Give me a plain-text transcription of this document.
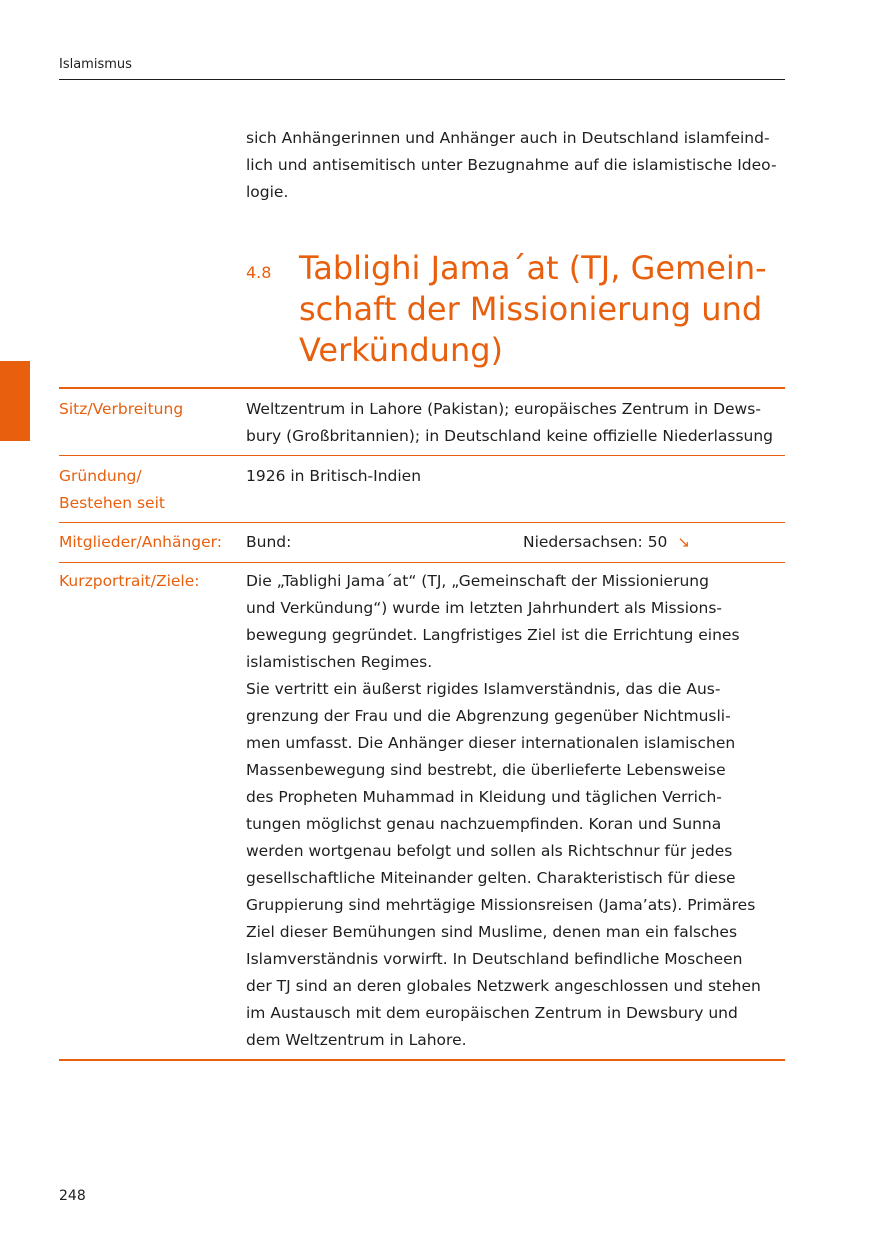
Islamismus
sich Anhängerinnen und Anhänger auch in Deutschland islamfeind-
lich und antisemitisch unter Bezugnahme auf die islamistische Ideo-
logie.
4.8 Tablighi Jama´at (TJ, Gemein-
schaft der Missionierung und
Verkündung)
Sitz/Verbreitung	Weltzentrum in Lahore (Pakistan); europäisches Zentrum in Dews-
bury (Großbritannien); in Deutschland keine offizielle Niederlassung
Gründung/
Bestehen seit
1926 in Britisch-Indien
Mitglieder/Anhänger: Bund:	Niedersachsen: 50 ↘
Kurzportrait/Ziele:	Die „Tablighi Jama´at“ (TJ, „Gemeinschaft der Missionierung
und Verkündung“) wurde im letzten Jahrhundert als Missions-
bewegung gegründet. Langfristiges Ziel ist die Errichtung eines
islamistischen Regimes.
Sie vertritt ein äußerst rigides Islamverständnis, das die Aus-
grenzung der Frau und die Abgrenzung gegenüber Nichtmusli-
men umfasst. Die Anhänger dieser internationalen islamischen
Massenbewegung sind bestrebt, die überlieferte Lebensweise
des Propheten Muhammad in Kleidung und täglichen Verrich-
tungen möglichst genau nachzuempfinden. Koran und Sunna
werden wortgenau befolgt und sollen als Richtschnur für jedes
gesellschaftliche Miteinander gelten. Charakteristisch für diese
Gruppierung sind mehrtägige Missionsreisen (Jama’ats). Primäres
Ziel dieser Bemühungen sind Muslime, denen man ein falsches
Islamverständnis vorwirft. In Deutschland befindliche Moscheen
der TJ sind an deren globales Netzwerk angeschlossen und stehen
im Austausch mit dem europäischen Zentrum in Dewsbury und
dem Weltzentrum in Lahore.
248
